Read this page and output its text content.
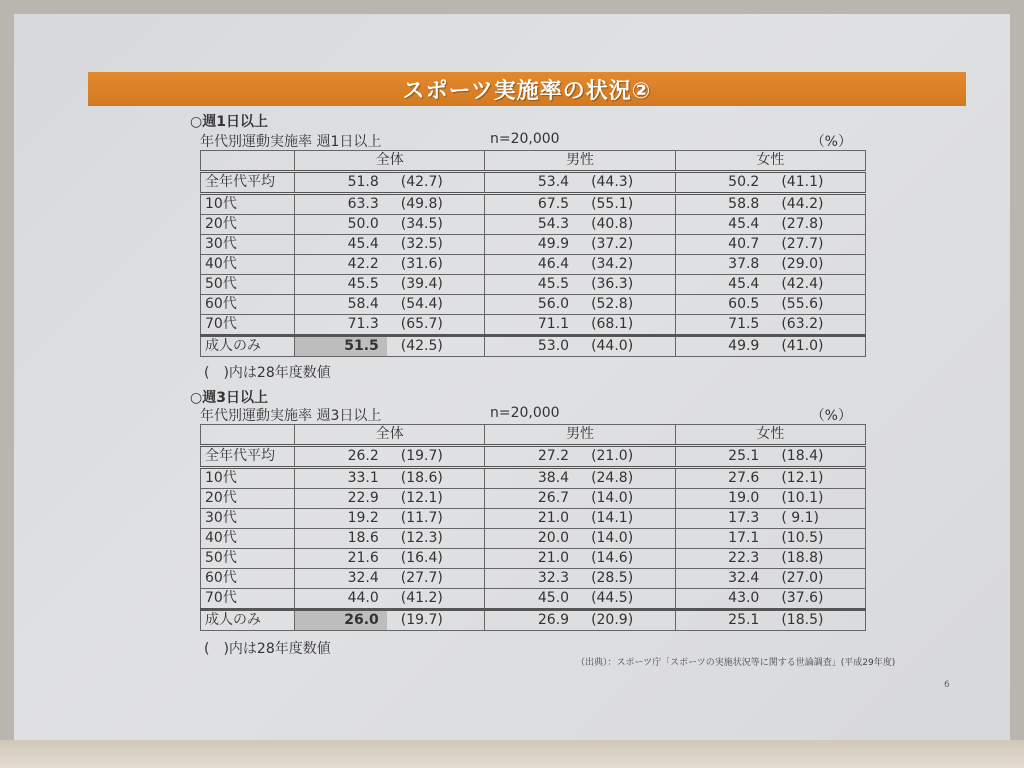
スポーツ実施率の状況②
○週1日以上
年代別運動実施率 週1日以上	n=20,000	（%）
	全体	男性	女性
全年代平均	51.8 (42.7)	53.4 (44.3)	50.2 (41.1)

10代	63.3 (49.8)	67.5 (55.1)	58.8 (44.2)

20代	50.0 (34.5)	54.3 (40.8)	45.4 (27.8)

30代	45.4 (32.5)	49.9 (37.2)	40.7 (27.7)

40代	42.2 (31.6)	46.4 (34.2)	37.8 (29.0)

50代	45.5 (39.4)	45.5 (36.3)	45.4 (42.4)

60代	58.4 (54.4)	56.0 (52.8)	60.5 (55.6)

70代	71.3 (65.7)	71.1 (68.1)	71.5 (63.2)

成人のみ	51.5 (42.5)	53.0 (44.0)	49.9 (41.0)
(　)内は28年度数値
○週3日以上
年代別運動実施率 週3日以上	n=20,000	（%）
	全体	男性	女性
全年代平均	26.2 (19.7)	27.2 (21.0)	25.1 (18.4)

10代	33.1 (18.6)	38.4 (24.8)	27.6 (12.1)

20代	22.9 (12.1)	26.7 (14.0)	19.0 (10.1)

30代	19.2 (11.7)	21.0 (14.1)	17.3 ( 9.1)

40代	18.6 (12.3)	20.0 (14.0)	17.1 (10.5)

50代	21.6 (16.4)	21.0 (14.6)	22.3 (18.8)

60代	32.4 (27.7)	32.3 (28.5)	32.4 (27.0)

70代	44.0 (41.2)	45.0 (44.5)	43.0 (37.6)

成人のみ	26.0 (19.7)	26.9 (20.9)	25.1 (18.5)
(　)内は28年度数値
（出典）：スポーツ庁「スポーツの実施状況等に関する世論調査」(平成29年度)
6
